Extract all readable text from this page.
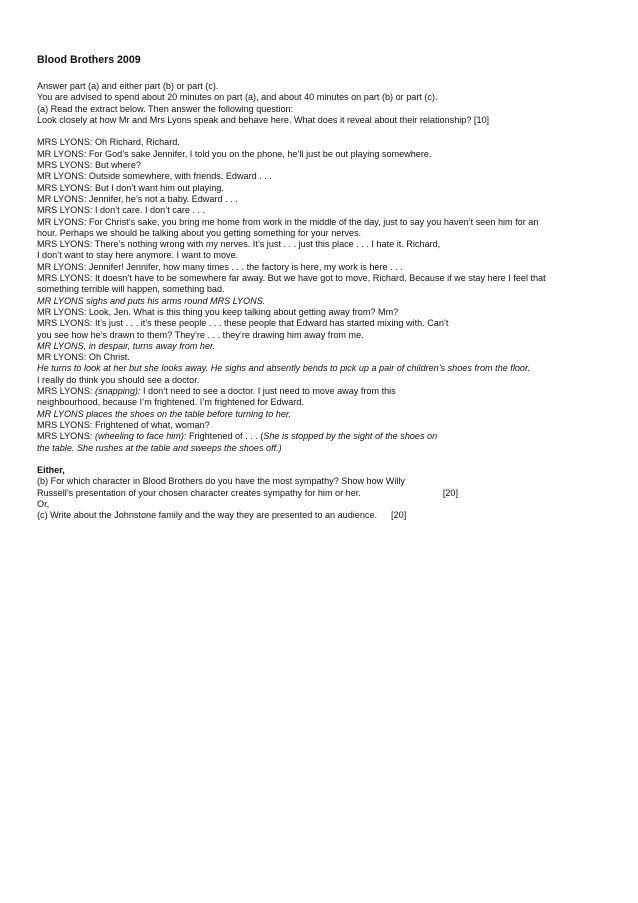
Blood Brothers 2009
Answer part (a) and either part (b) or part (c).
You are advised to spend about 20 minutes on part (a), and about 40 minutes on part (b) or part (c).
(a) Read the extract below. Then answer the following question:
Look closely at how Mr and Mrs Lyons speak and behave here. What does it reveal about their relationship? [10]
MRS LYONS: Oh Richard, Richard.
MR LYONS: For God’s sake Jennifer, I told you on the phone, he’ll just be out playing somewhere.
MRS LYONS: But where?
MR LYONS: Outside somewhere, with friends. Edward . . .
MRS LYONS: But I don’t want him out playing.
MR LYONS: Jennifer, he’s not a baby. Edward . . .
MRS LYONS: I don’t care. I don’t care . . .
MR LYONS: For Christ’s sake, you bring me home from work in the middle of the day, just to say you haven’t seen him for an
hour. Perhaps we should be talking about you getting something for your nerves.
MRS LYONS: There’s nothing wrong with my nerves. It’s just . . . just this place . . . I hate it. Richard,
I don’t want to stay here anymore. I want to move.
MR LYONS: Jennifer! Jennifer, how many times . . . the factory is here, my work is here . . .
MRS LYONS: It doesn’t have to be somewhere far away. But we have got to move, Richard. Because if we stay here I feel that
something terrible will happen, something bad.
MR LYONS sighs and puts his arms round MRS LYONS.
MR LYONS: Look, Jen. What is this thing you keep talking about getting away from? Mm?
MRS LYONS: It’s just . . . it’s these people . . . these people that Edward has started mixing with. Can’t
you see how he’s drawn to them? They’re . . . they’re drawing him away from me.
MR LYONS, in despair, turns away from her.
MR LYONS: Oh Christ.
He turns to look at her but she looks away. He sighs and absently bends to pick up a pair of children’s shoes from the floor.
I really do think you should see a doctor.
MRS LYONS: (snapping): I don’t need to see a doctor. I just need to move away from this
neighbourhood, because I’m frightened. I’m frightened for Edward.
MR LYONS places the shoes on the table before turning to her.
MRS LYONS: Frightened of what, woman?
MRS LYONS: (wheeling to face him): Frightened of . . . (She is stopped by the sight of the shoes on
the table. She rushes at the table and sweeps the shoes off.)
Either,
(b) For which character in Blood Brothers do you have the most sympathy? Show how Willy
Russell’s presentation of your chosen character creates sympathy for him or her.	[20]
Or,
(c) Write about the Johnstone family and the way they are presented to an audience. [20]
